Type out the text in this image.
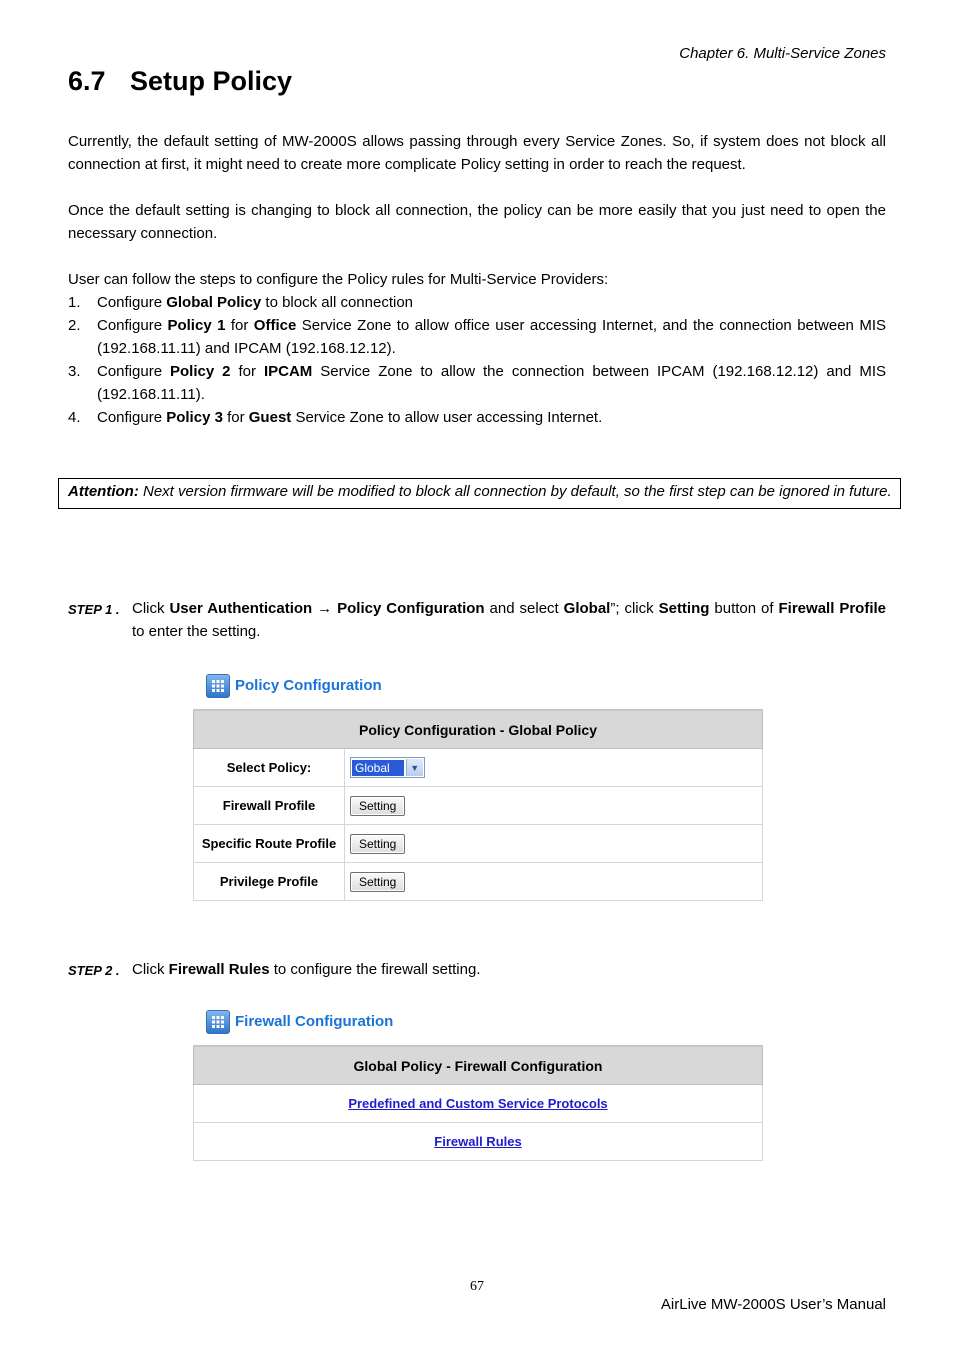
Chapter 6. Multi-Service Zones
6.7 Setup Policy
Currently, the default setting of MW-2000S allows passing through every Service Zones. So, if system does not block all connection at first, it might need to create more complicate Policy setting in order to reach the request.
Once the default setting is changing to block all connection, the policy can be more easily that you just need to open the necessary connection.
User can follow the steps to configure the Policy rules for Multi-Service Providers:
1. Configure Global Policy to block all connection
2. Configure Policy 1 for Office Service Zone to allow office user accessing Internet, and the connection between MIS (192.168.11.11) and IPCAM (192.168.12.12).
3. Configure Policy 2 for IPCAM Service Zone to allow the connection between IPCAM (192.168.12.12) and MIS (192.168.11.11).
4. Configure Policy 3 for Guest Service Zone to allow user accessing Internet.
Attention: Next version firmware will be modified to block all connection by default, so the first step can be ignored in future.
STEP 1 . Click User Authentication → Policy Configuration and select Global”; click Setting button of Firewall Profile to enter the setting.
Policy Configuration
Policy Configuration - Global Policy	
Select Policy:	Global ▼

Firewall Profile	Setting
Specific Route Profile	Setting
Privilege Profile	Setting
STEP 2 . Click Firewall Rules to configure the firewall setting.
Firewall Configuration
Global Policy - Firewall Configuration
Predefined and Custom Service Protocols
Firewall Rules
67
AirLive MW-2000S User’s Manual
